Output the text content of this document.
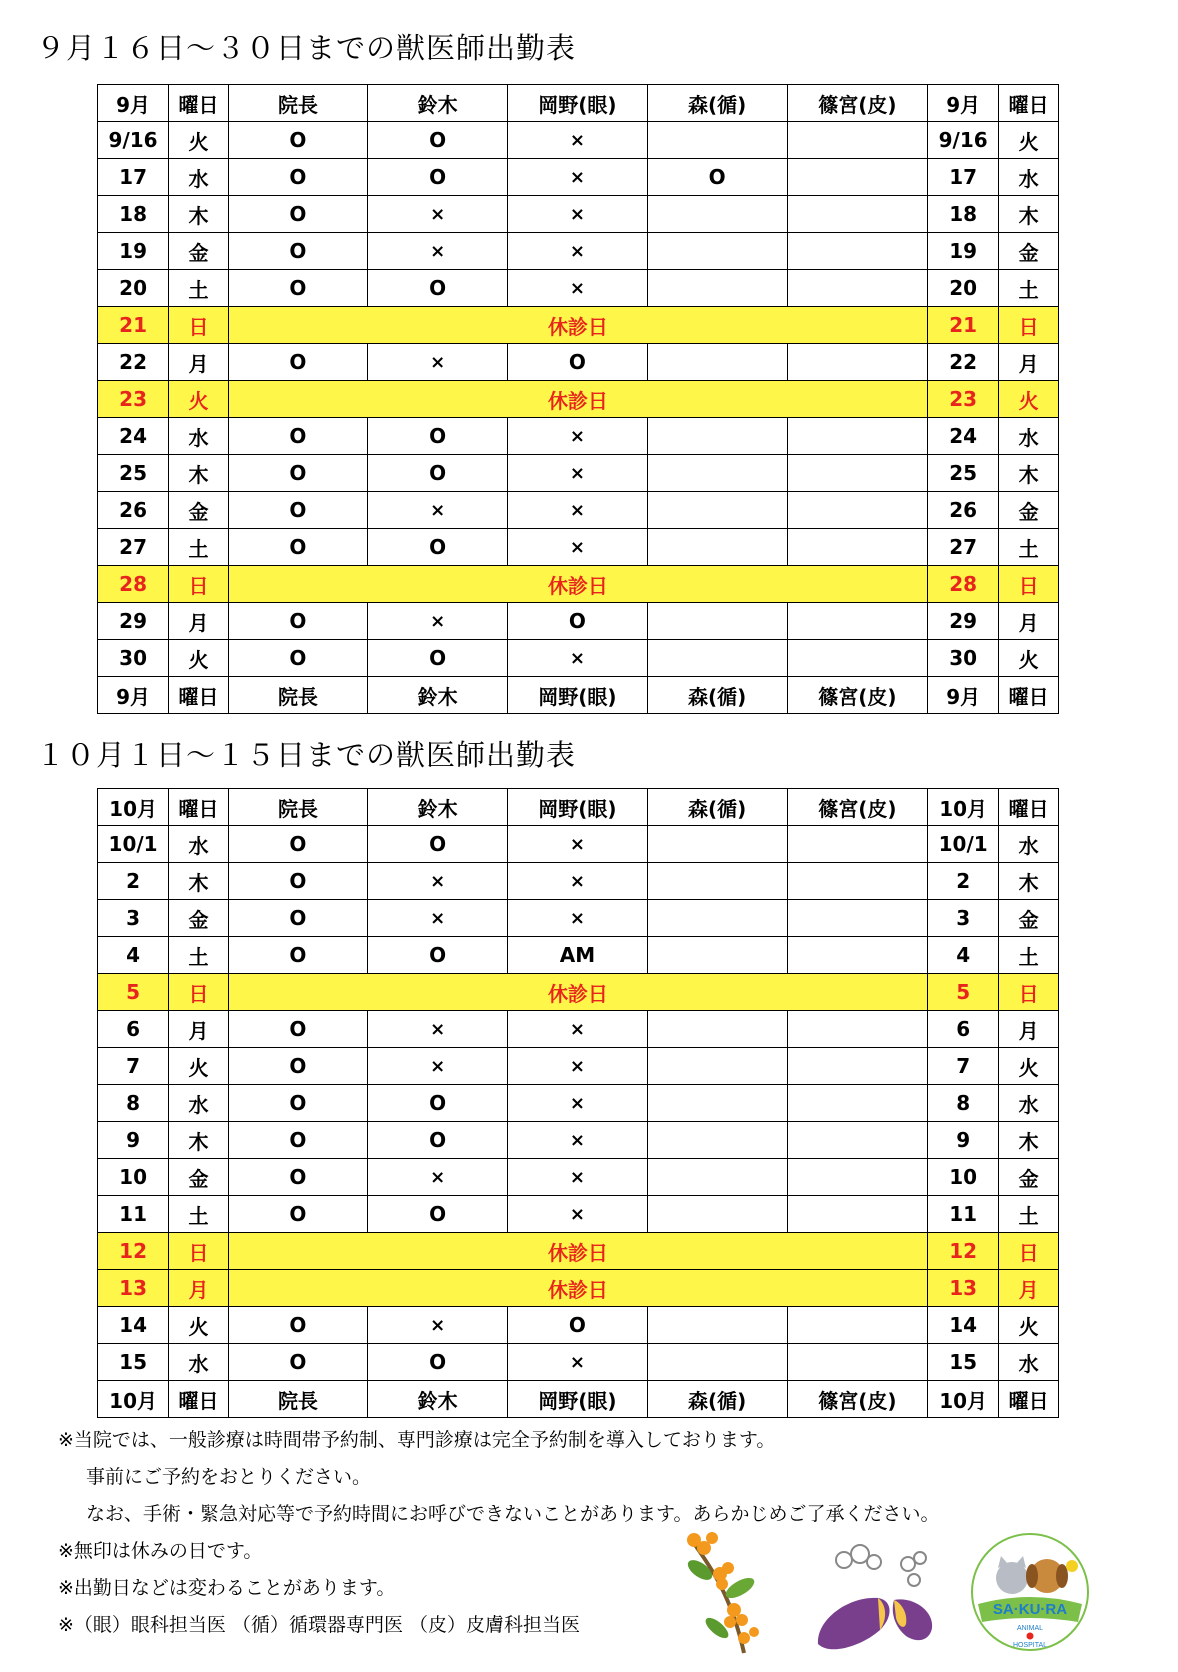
９月１６日〜３０日までの獣医師出勤表
9月	曜日	院長	鈴木	岡野(眼)	森(循)	篠宮(皮)	9月	曜日
9/16	火	O	O	×			9/16	火
17	水	O	O	×	O		17	水
18	木	O	×	×			18	木
19	金	O	×	×			19	金
20	土	O	O	×			20	土
21	日	休診日					21	日
22	月	O	×	O			22	月
23	火	休診日					23	火
24	水	O	O	×			24	水
25	木	O	O	×			25	木
26	金	O	×	×			26	金
27	土	O	O	×			27	土
28	日	休診日					28	日
29	月	O	×	O			29	月
30	火	O	O	×			30	火
9月	曜日	院長	鈴木	岡野(眼)	森(循)	篠宮(皮)	9月	曜日
１０月１日〜１５日までの獣医師出勤表
10月	曜日	院長	鈴木	岡野(眼)	森(循)	篠宮(皮)	10月	曜日
10/1	水	O	O	×			10/1	水
2	木	O	×	×			2	木
3	金	O	×	×			3	金
4	土	O	O	AM			4	土
5	日	休診日					5	日
6	月	O	×	×			6	月
7	火	O	×	×			7	火
8	水	O	O	×			8	水
9	木	O	O	×			9	木
10	金	O	×	×			10	金
11	土	O	O	×			11	土
12	日	休診日					12	日
13	月	休診日					13	月
14	火	O	×	O			14	火
15	水	O	O	×			15	水
10月	曜日	院長	鈴木	岡野(眼)	森(循)	篠宮(皮)	10月	曜日
※当院では、一般診療は時間帯予約制、専門診療は完全予約制を導入しております。
事前にご予約をおとりください。
なお、手術・緊急対応等で予約時間にお呼びできないことがあります。あらかじめご了承ください。
※無印は休みの日です。
※出勤日などは変わることがあります。
※（眼）眼科担当医 （循）循環器専門医 （皮）皮膚科担当医
SA·KU·RA
ANIMAL
HOSPITAL
